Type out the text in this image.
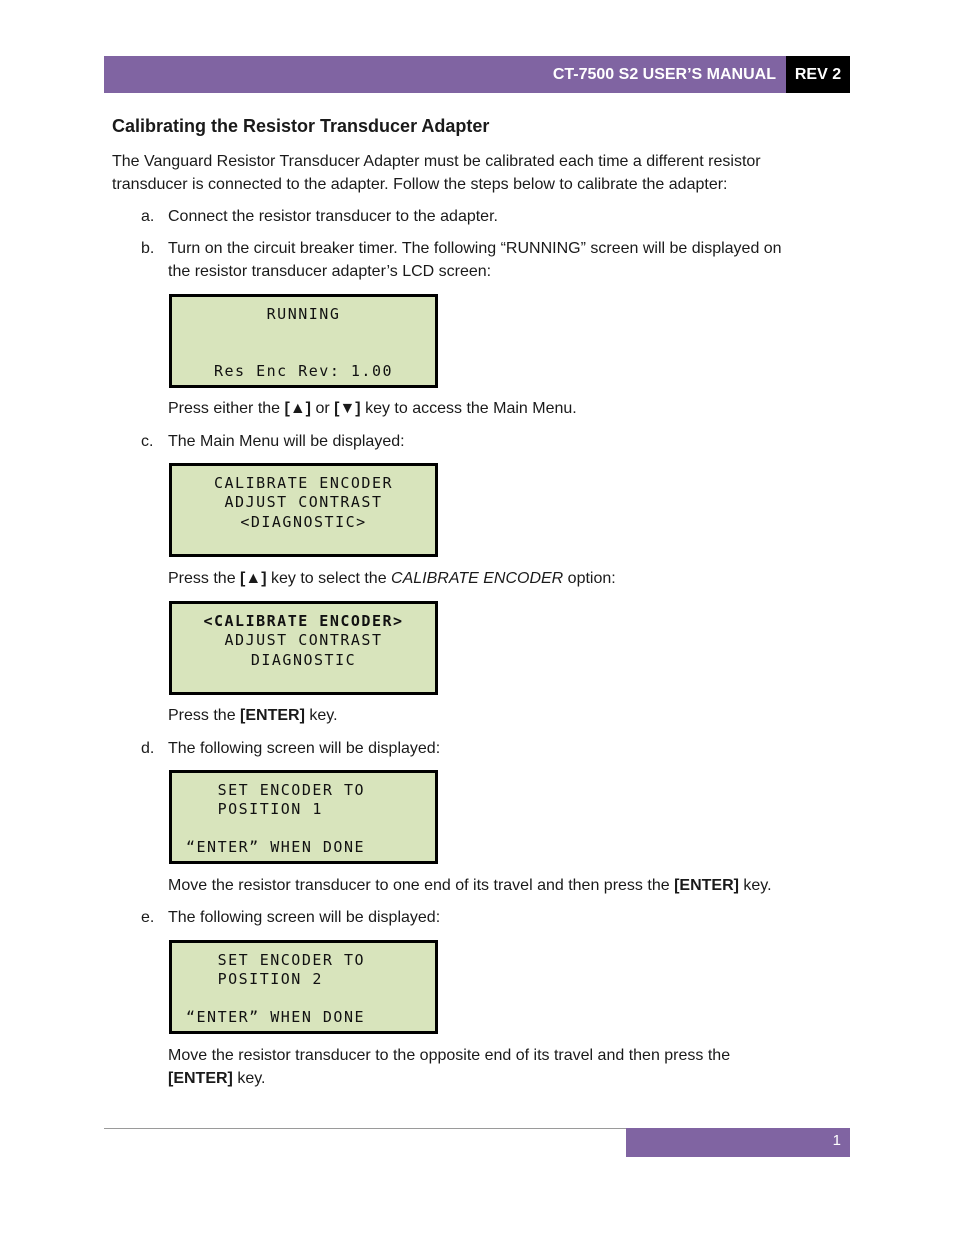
CT-7500 S2 USER’S MANUAL	REV 2
Calibrating the Resistor Transducer Adapter

The Vanguard Resistor Transducer Adapter must be calibrated each time a different resistor

transducer is connected to the adapter. Follow the steps below to calibrate the adapter:

a. Connect the resistor transducer to the adapter.

b. Turn on the circuit breaker timer. The following “RUNNING” screen will be displayed on

the resistor transducer adapter’s LCD screen:

RUNNING
Res Enc Rev: 1.00

Press either the [▲] or [▼] key to access the Main Menu.

c. The Main Menu will be displayed:

CALIBRATE ENCODER
ADJUST CONTRAST
<DIAGNOSTIC>

Press the [▲] key to select the CALIBRATE ENCODER option:

<CALIBRATE ENCODER>
ADJUST CONTRAST
DIAGNOSTIC

Press the [ENTER] key.

d. The following screen will be displayed:

SET ENCODER TO
POSITION 1
“ENTER” WHEN DONE

Move the resistor transducer to one end of its travel and then press the [ENTER] key.

e. The following screen will be displayed:

SET ENCODER TO
POSITION 2
“ENTER” WHEN DONE

Move the resistor transducer to the opposite end of its travel and then press the

[ENTER] key.

1
